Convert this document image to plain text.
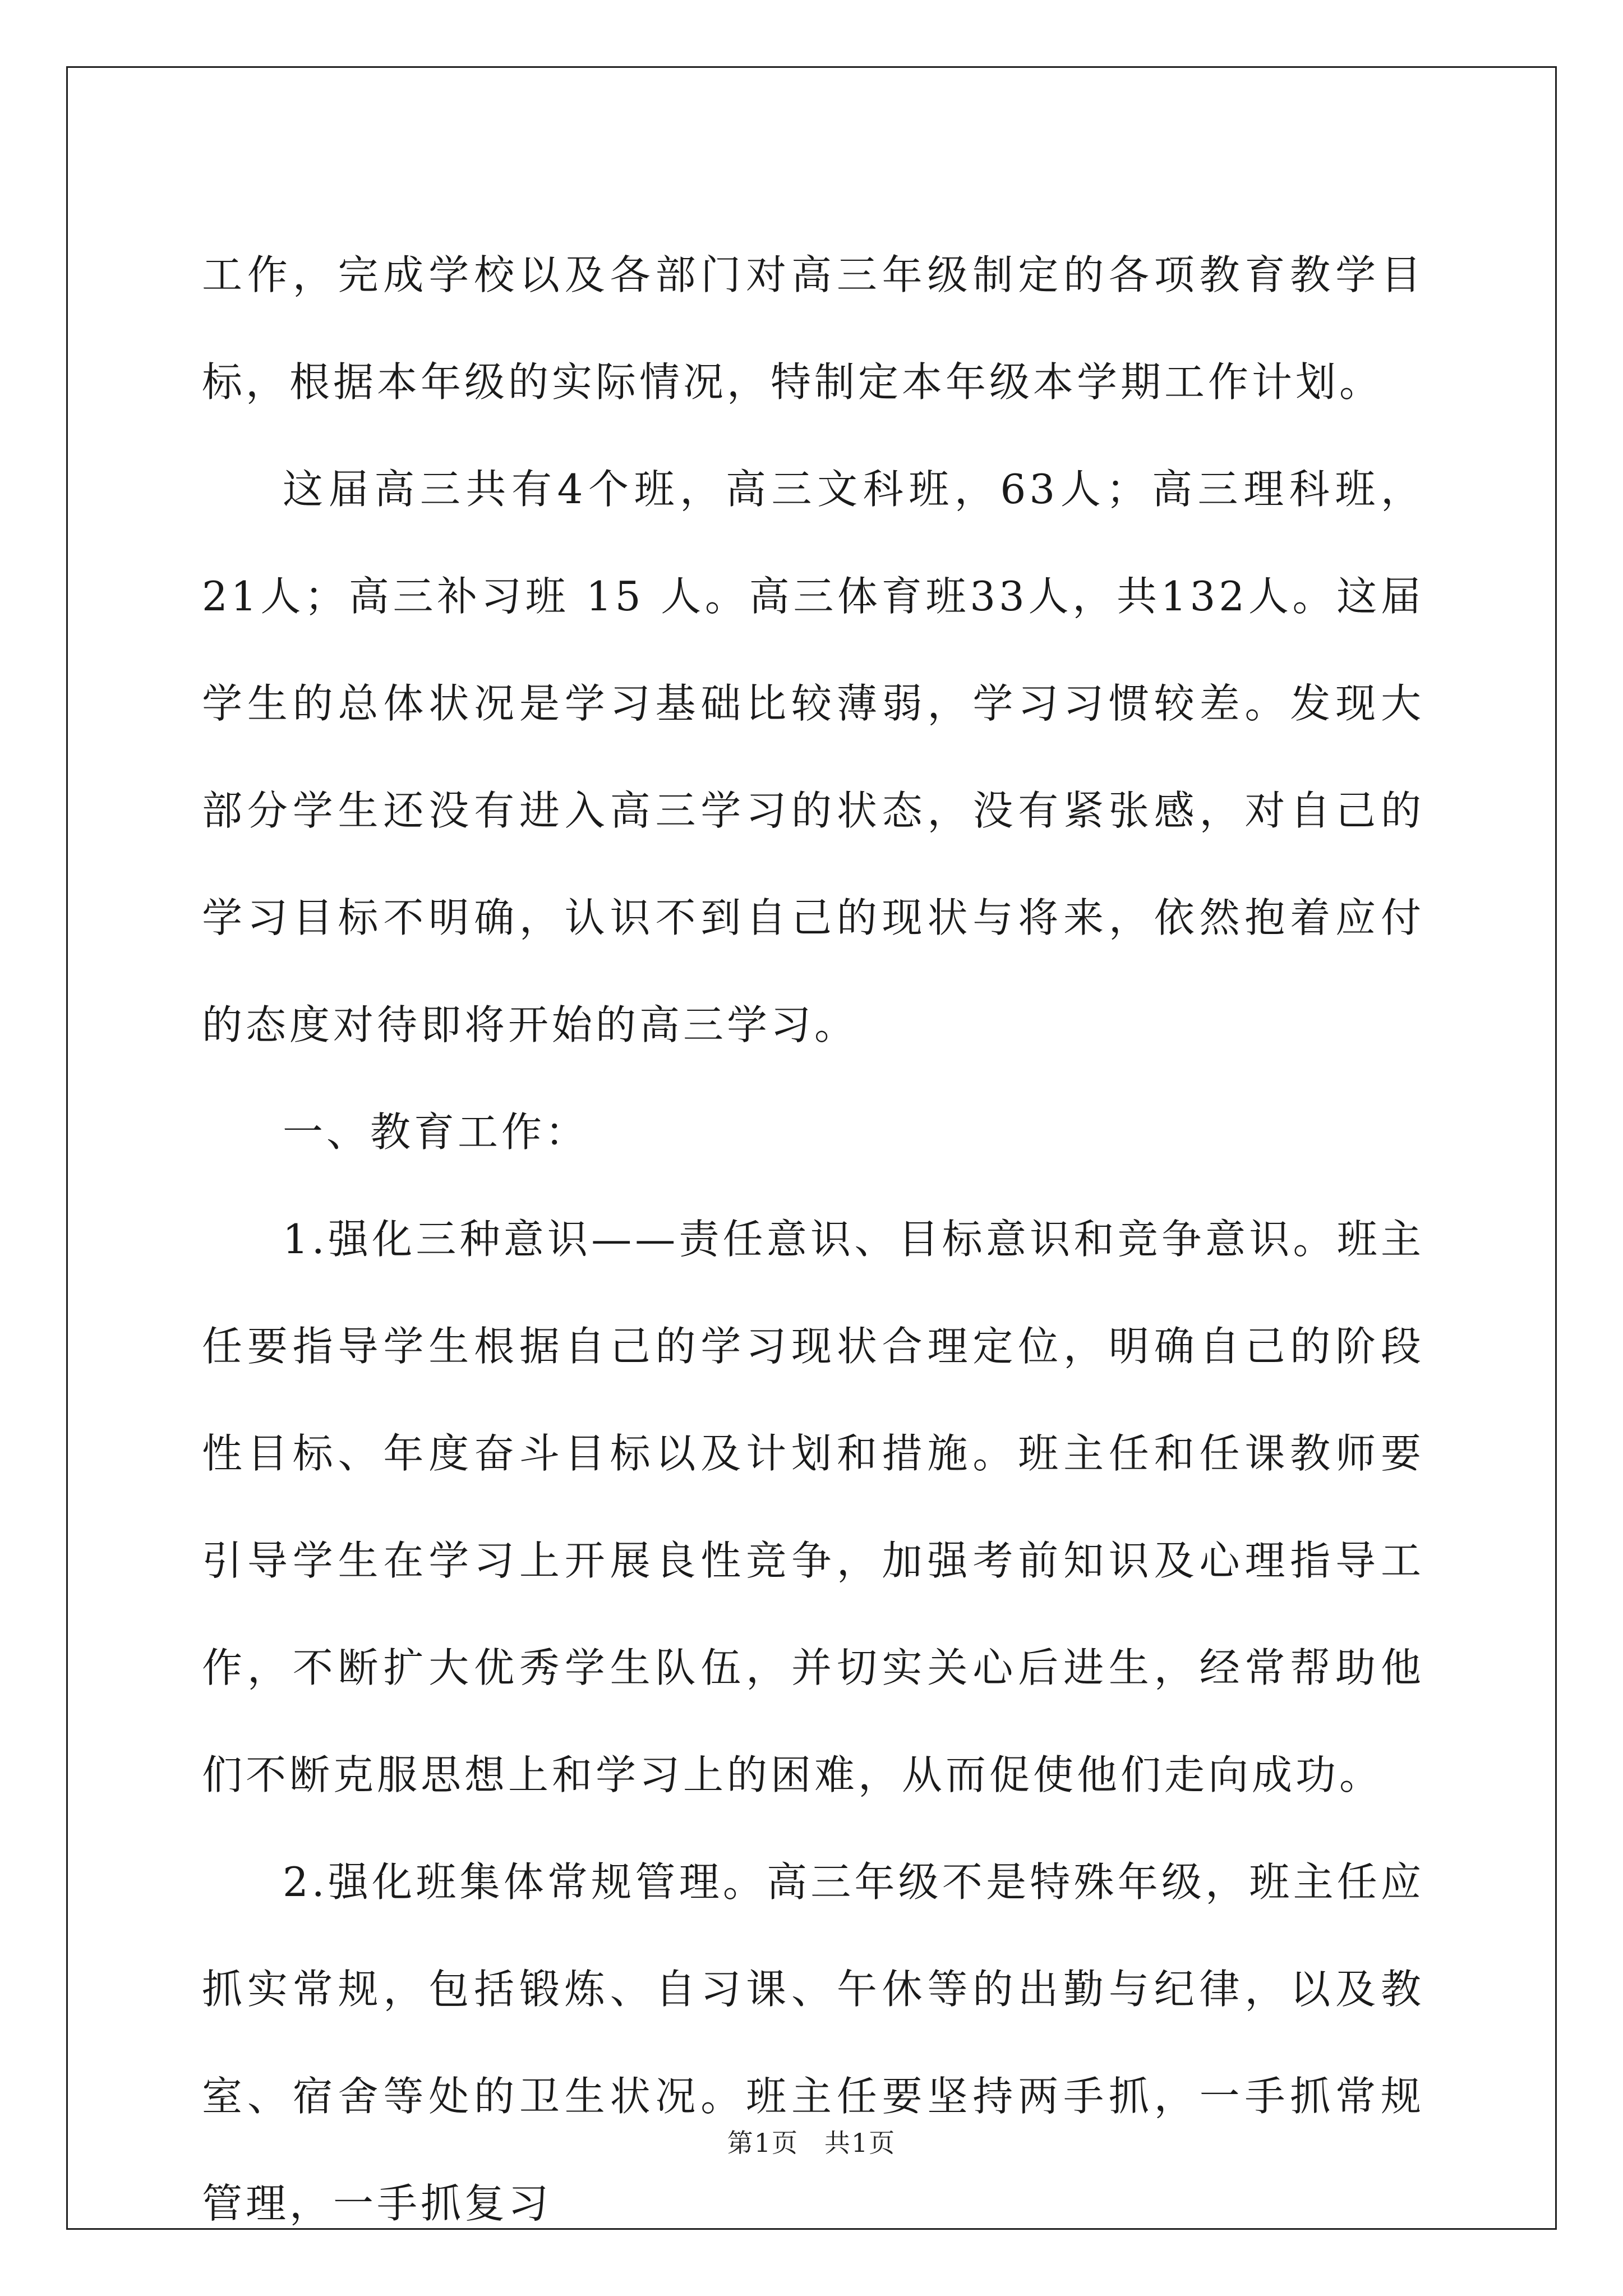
工作，完成学校以及各部门对高三年级制定的各项教育教学目标，根据本年级的实际情况，特制定本年级本学期工作计划。

这届高三共有4个班，高三文科班，63人；高三理科班，21人；高三补习班 15 人。高三体育班33人，共132人。这届学生的总体状况是学习基础比较薄弱，学习习惯较差。发现大部分学生还没有进入高三学习的状态，没有紧张感，对自己的学习目标不明确，认识不到自己的现状与将来，依然抱着应付的态度对待即将开始的高三学习。

一、教育工作：

1.强化三种意识——责任意识、目标意识和竞争意识。班主任要指导学生根据自己的学习现状合理定位，明确自己的阶段性目标、年度奋斗目标以及计划和措施。班主任和任课教师要引导学生在学习上开展良性竞争，加强考前知识及心理指导工作，不断扩大优秀学生队伍，并切实关心后进生，经常帮助他们不断克服思想上和学习上的困难，从而促使他们走向成功。

2.强化班集体常规管理。高三年级不是特殊年级，班主任应抓实常规，包括锻炼、自习课、午休等的出勤与纪律，以及教室、宿舍等处的卫生状况。班主任要坚持两手抓，一手抓常规管理，一手抓复习

第1页 共1页
